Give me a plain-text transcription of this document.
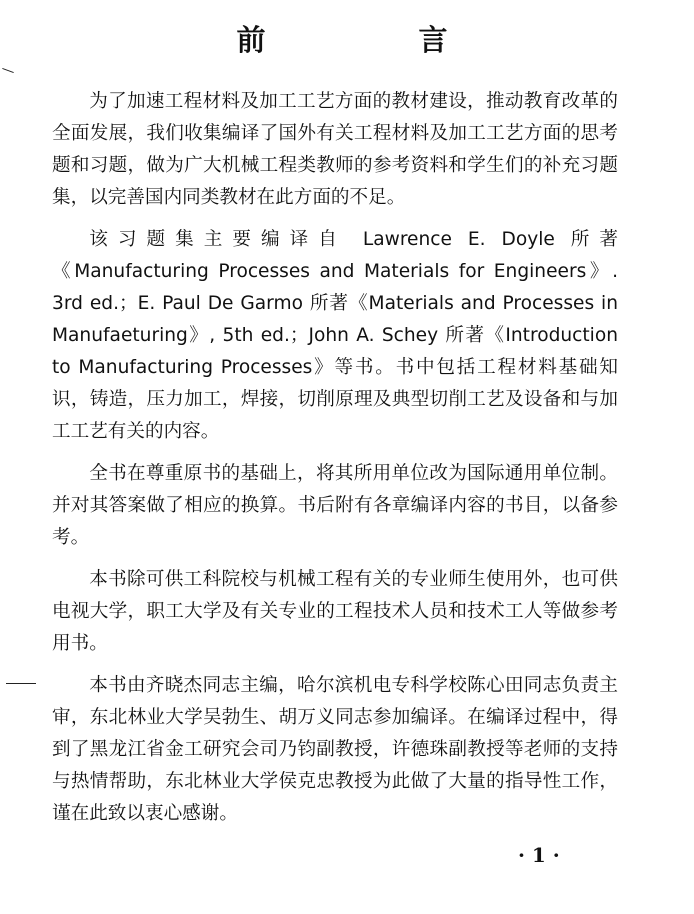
前　言

为了加速工程材料及加工工艺方面的教材建设，推动教育改革的全面发展，我们收集编译了国外有关工程材料及加工工艺方面的思考题和习题，做为广大机械工程类教师的参考资料和学生们的补充习题集，以完善国内同类教材在此方面的不足。

该习题集主要编译自 Lawrence E. Doyle 所著《Manufacturing Processes and Materials for Engineers》. 3rd ed.；E. Paul De Garmo 所著《Materials and Processes in Manufaeturing》, 5th ed.；John A. Schey 所著《Introduction to Manufacturing Processes》等书。书中包括工程材料基础知识，铸造，压力加工，焊接，切削原理及典型切削工艺及设备和与加工工艺有关的内容。

全书在尊重原书的基础上，将其所用单位改为国际通用单位制。并对其答案做了相应的换算。书后附有各章编译内容的书目，以备参考。

本书除可供工科院校与机械工程有关的专业师生使用外，也可供电视大学，职工大学及有关专业的工程技术人员和技术工人等做参考用书。

本书由齐晓杰同志主编，哈尔滨机电专科学校陈心田同志负责主审，东北林业大学吴勃生、胡万义同志参加编译。在编译过程中，得到了黑龙江省金工研究会司乃钧副教授，许德珠副教授等老师的支持与热情帮助，东北林业大学侯克忠教授为此做了大量的指导性工作，谨在此致以衷心感谢。

· 1 ·
